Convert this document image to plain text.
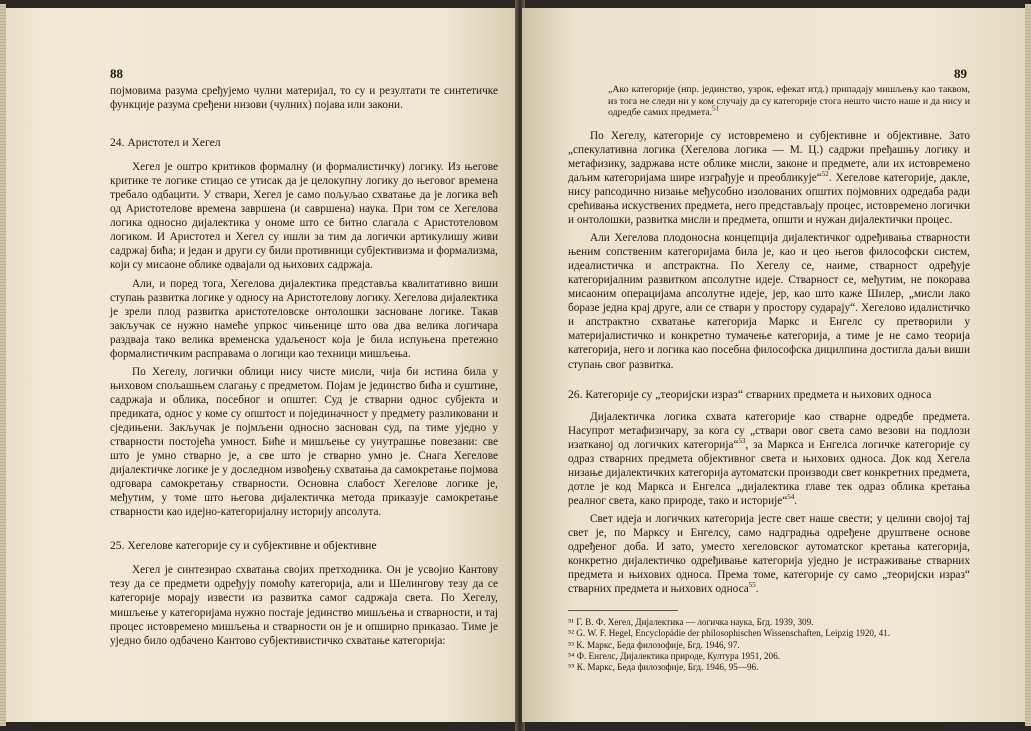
88

појмовима разума сређујемо чулни материјал, то су и резултати те синтетичке функције разума сређени низови (чулних) појава или закони.

24. Аристотел и Хегел

Хегел је оштро критиков формалну (и формалистичку) логику. Из његове критике те логике стицао се утисак да је целокупну логику до његовог времена требало одбацити. У ствари, Хегел је само пољуљао схватање да је логика већ од Аристотелове времена завршена (и савршена) наука. При том се Хегелова логика односно дијалектика у ономе што се битно слагала с Аристотеловом логиком. И Аристотел и Хегел су ишли за тим да логички артикулишу живи садржај бића; и један и други су били противници субјективизма и формализма, који су мисаоне облике одвајали од њихових садржаја.

Али, и поред тога, Хегелова дијалектика представља квалитативно виши ступањ развитка логике у односу на Аристотелову логику. Хегелова дијалектика је зрели плод развитка аристотеловске онтолошки засноване логике. Такав закључак се нужно намеће упркос чињенице што ова два велика логичара раздваја тако велика временска удаљеност која је била испуњена претежно формалистичким расправама о логици као техници мишљења.

По Хегелу, логички облици нису чисте мисли, чија би истина била у њиховом спољашњем слагању с предметом. Појам је јединство бића и суштине, садржаја и облика, посебног и општег. Суд је стварни однос субјекта и предиката, однос у коме су општост и појединачност у предмету разликовани и сједињени. Закључак је појмљени односно заснован суд, па тиме уједно у стварности постојећа умност. Биће и мишљење су унутрашње повезани: све што је умно стварно је, а све што је стварно умно је. Снага Хегелове дијалектичке логике је у доследном извођењу схватања да самокретање појмова одговара самокретању стварности. Основна слабост Хегелове логике је, међутим, у томе што његова дијалектичка метода приказује самокретање стварности као идејно-категоријалну историју апсолута.

25. Хегелове категорије су и субјективне и објективне

Хегел је синтезирао схватања својих претходника. Он је усвојио Кантову тезу да се предмети одређују помоћу категорија, али и Шелингову тезу да се категорије морају извести из развитка самог садржаја света. По Хегелу, мишљење у категоријама нужно постаје јединство мишљења и стварности, и тај процес истовремено мишљења и стварности он је и опширно приказао. Тиме је уједно било одбачено Кантово субјективистичко схватање категорија:

89

„Ако категорије (нпр. јединство, узрок, ефекат итд.) припадају мишљењу као таквом, из тога не следи ни у ком случају да су категорије стога нешто чисто наше и да нису и одредбе самих предмета.$^{51}$

По Хегелу, категорије су истовремено и субјективне и објективне. Зато „спекулативна логика (Хегелова логика — М. Ц.) садржи пређашњу логику и метафизику, задржава исте облике мисли, законе и предмете, али их истовремено даљим категоријама шире изграђује и преобликује“$^{52}$. Хегелове категорије, дакле, нису рапсодично низање међусобно изолованих општих појмовних одредаба ради срећивања искуствених предмета, него представљају процес, истовремено логички и онтолошки, развитка мисли и предмета, општи и нужан дијалектички процес.

Али Хегелова плодоносна концепција дијалектичког одређивања стварности њеним сопственим категоријама била је, као и цео његов философски систем, идеалистичка и апстрактна. По Хегелу се, наиме, стварност одређује категоријалним развитком апсолутне идеје. Стварност се, међутим, не покорава мисаоним операцијама апсолутне идеје, јер, као што каже Шилер, „мисли лако боразе једна крај друге, али се ствари у простору сударају“. Хегелово идалистичко и апстрактно схватање категорија Маркс и Енгелс су претворили у материјалистичко и конкретно тумачење категорија, а тиме је не само теорија категорија, него и логика као посебна философска дицилпина достигла даљи виши ступањ свог развитка.

26. Категорије су „теоријски израз“ стварних предмета и њихових односа

Дијалектичка логика схвата категорије као стварне одредбе предмета. Насупрот метафизичару, за кога су „ствари овог света само везови на подлози изатканој од логичких категорија“$^{53}$, за Маркса и Енгелса логичке категорије су одраз стварних предмета објективног света и њихових односа. Док код Хегела низање дијалектичких категорија аутоматски производи свет конкретних предмета, дотле је код Маркса и Енгелса „дијалектика главе тек одраз облика кретања реалног света, како природе, тако и историје“$^{54}$.

Свет идеја и логичких категорија јесте свет наше свести; у целини својој тај свет је, по Марксу и Енгелсу, само надградња одређене друштвене основе одређеног доба. И зато, уместо хегеловског аутоматског кретања категорија, конкретно дијалектичко одређивање категорија уједно је истраживање стварних предмета и њихових односа. Према томе, категорије су само „теоријски израз“ стварних предмета и њихових односа$^{55}$.

⁵¹ Г. В. Ф. Хегел, Дијалектика — логичка наука, Бгд. 1939, 309.
⁵² G. W. F. Hegel, Encyclopädie der philosophischen Wissenschaften, Leipzig 1920, 41.
⁵³ К. Маркс, Беда филозофије, Бгд. 1946, 97.
⁵⁴ Ф. Енгелс, Дијалектика природе, Култура 1951, 206.
⁵⁵ К. Маркс, Беда филозофије, Бгд. 1946, 95—96.
